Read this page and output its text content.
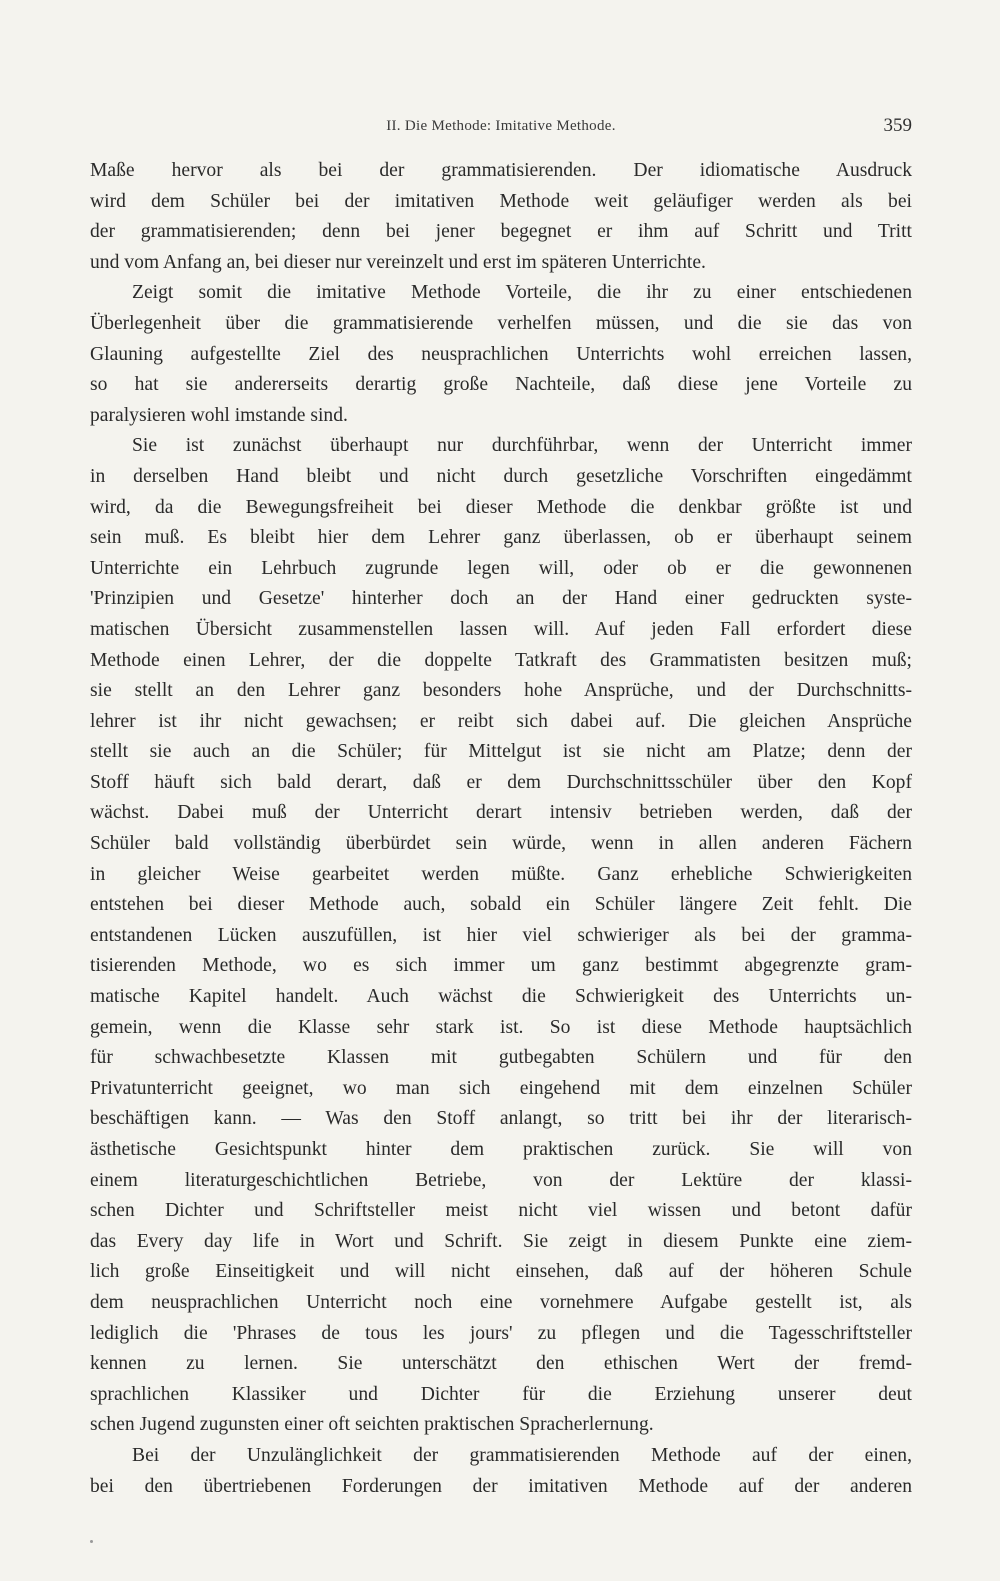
II. Die Methode: Imitative Methode.	359
Maße hervor als bei der grammatisierenden. Der idiomatische Ausdruck
wird dem Schüler bei der imitativen Methode weit geläufiger werden als bei
der grammatisierenden; denn bei jener begegnet er ihm auf Schritt und Tritt
und vom Anfang an, bei dieser nur vereinzelt und erst im späteren Unterrichte.
Zeigt somit die imitative Methode Vorteile, die ihr zu einer entschiedenen
Überlegenheit über die grammatisierende verhelfen müssen, und die sie das von
Glauning aufgestellte Ziel des neusprachlichen Unterrichts wohl erreichen lassen,
so hat sie andererseits derartig große Nachteile, daß diese jene Vorteile zu
paralysieren wohl imstande sind.
Sie ist zunächst überhaupt nur durchführbar, wenn der Unterricht immer
in derselben Hand bleibt und nicht durch gesetzliche Vorschriften eingedämmt
wird, da die Bewegungsfreiheit bei dieser Methode die denkbar größte ist und
sein muß. Es bleibt hier dem Lehrer ganz überlassen, ob er überhaupt seinem
Unterrichte ein Lehrbuch zugrunde legen will, oder ob er die gewonnenen
'Prinzipien und Gesetze' hinterher doch an der Hand einer gedruckten syste-
matischen Übersicht zusammenstellen lassen will. Auf jeden Fall erfordert diese
Methode einen Lehrer, der die doppelte Tatkraft des Grammatisten besitzen muß;
sie stellt an den Lehrer ganz besonders hohe Ansprüche, und der Durchschnitts-
lehrer ist ihr nicht gewachsen; er reibt sich dabei auf. Die gleichen Ansprüche
stellt sie auch an die Schüler; für Mittelgut ist sie nicht am Platze; denn der
Stoff häuft sich bald derart, daß er dem Durchschnittsschüler über den Kopf
wächst. Dabei muß der Unterricht derart intensiv betrieben werden, daß der
Schüler bald vollständig überbürdet sein würde, wenn in allen anderen Fächern
in gleicher Weise gearbeitet werden müßte. Ganz erhebliche Schwierigkeiten
entstehen bei dieser Methode auch, sobald ein Schüler längere Zeit fehlt. Die
entstandenen Lücken auszufüllen, ist hier viel schwieriger als bei der gramma-
tisierenden Methode, wo es sich immer um ganz bestimmt abgegrenzte gram-
matische Kapitel handelt. Auch wächst die Schwierigkeit des Unterrichts un-
gemein, wenn die Klasse sehr stark ist. So ist diese Methode hauptsächlich
für schwachbesetzte Klassen mit gutbegabten Schülern und für den
Privatunterricht geeignet, wo man sich eingehend mit dem einzelnen Schüler
beschäftigen kann. — Was den Stoff anlangt, so tritt bei ihr der literarisch-
ästhetische Gesichtspunkt hinter dem praktischen zurück. Sie will von
einem literaturgeschichtlichen Betriebe, von der Lektüre der klassi-
schen Dichter und Schriftsteller meist nicht viel wissen und betont dafür
das Every day life in Wort und Schrift. Sie zeigt in diesem Punkte eine ziem-
lich große Einseitigkeit und will nicht einsehen, daß auf der höheren Schule
dem neusprachlichen Unterricht noch eine vornehmere Aufgabe gestellt ist, als
lediglich die 'Phrases de tous les jours' zu pflegen und die Tagesschriftsteller
kennen zu lernen. Sie unterschätzt den ethischen Wert der fremd-
sprachlichen Klassiker und Dichter für die Erziehung unserer deut
schen Jugend zugunsten einer oft seichten praktischen Spracherlernung.
Bei der Unzulänglichkeit der grammatisierenden Methode auf der einen,
bei den übertriebenen Forderungen der imitativen Methode auf der anderen
